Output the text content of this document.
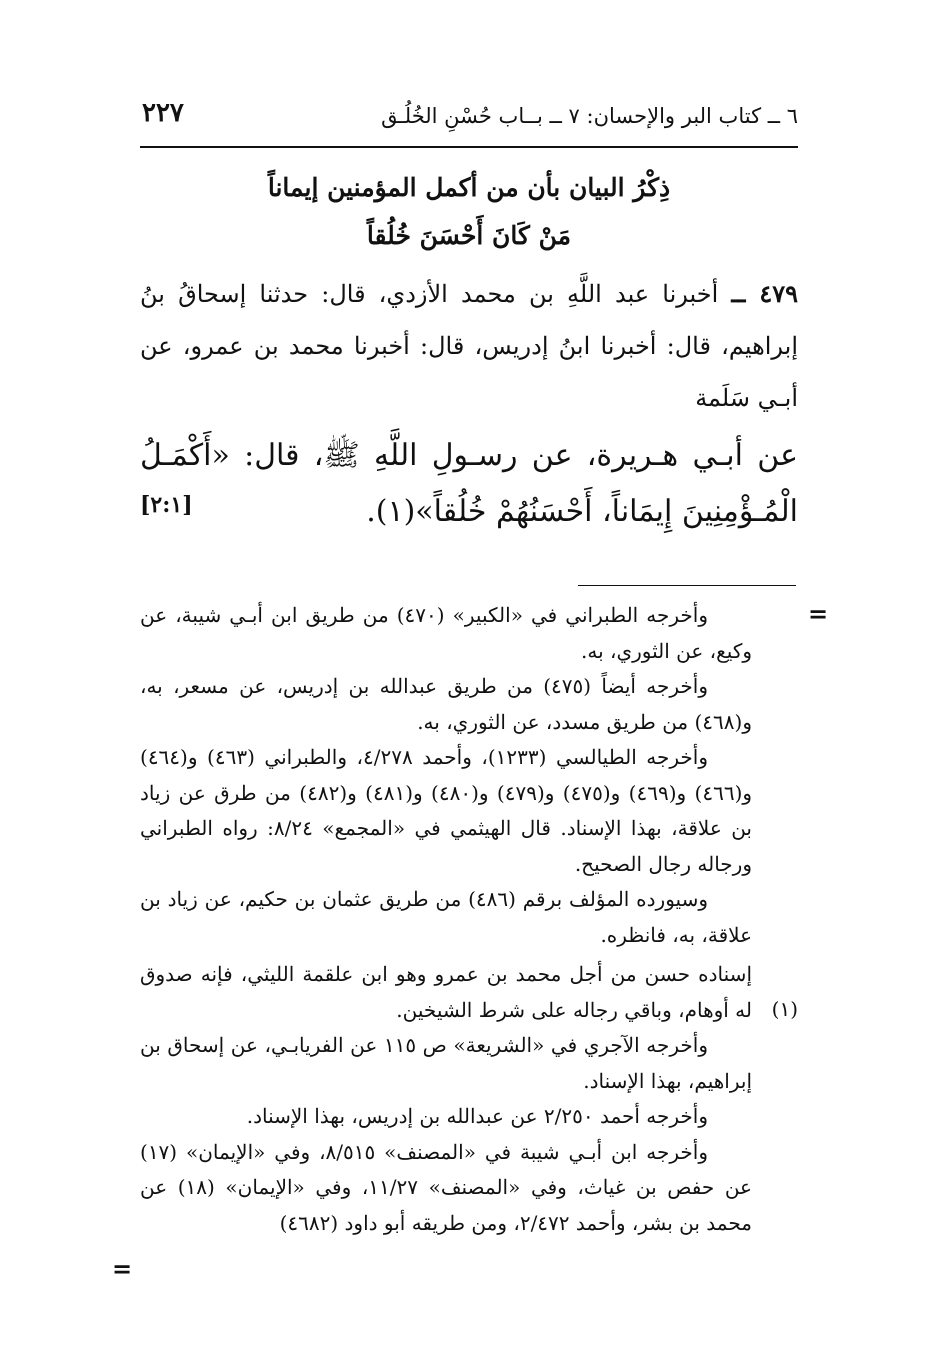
٦ ــ كتاب البر والإحسان: ٧ ــ بــاب حُسْنِ الخُلُـق
٢٢٧
ذِكْرُ البيان بأن من أكمل المؤمنين إيماناً
مَنْ كَانَ أَحْسَنَ خُلُقاً
٤٧٩ ــ أخبرنا عبد اللَّهِ بن محمد الأزدي، قال: حدثنا إسحاقُ بنُ إبراهيم، قال: أخبرنا ابنُ إدريس، قال: أخبرنا محمد بن عمرو، عن أبـي سَلَمة
عن أبـي هـريرة، عن رسـولِ اللَّهِ ﷺ، قال: «أَكْمَـلُ الْمُـؤْمِنِينَ إِيمَاناً، أَحْسَنُهُمْ خُلُقاً»(١).
[٢:١]
=

وأخرجه الطبراني في «الكبير» (٤٧٠) من طريق ابن أبـي شيبة، عن وكيع، عن الثوري، به.

وأخرجه أيضاً (٤٧٥) من طريق عبدالله بن إدريس، عن مسعر، به، و(٤٦٨) من طريق مسدد، عن الثوري، به.

وأخرجه الطيالسي (١٢٣٣)، وأحمد ٤/٢٧٨، والطبراني (٤٦٣) و(٤٦٤) و(٤٦٦) و(٤٦٩) و(٤٧٥) و(٤٧٩) و(٤٨٠) و(٤٨١) و(٤٨٢) من طرق عن زياد بن علاقة، بهذا الإسناد. قال الهيثمي في «المجمع» ٨/٢٤: رواه الطبراني ورجاله رجال الصحيح.

وسيورده المؤلف برقم (٤٨٦) من طريق عثمان بن حكيم، عن زياد بن علاقة، به، فانظره.

إسناده حسن من أجل محمد بن عمرو وهو ابن علقمة الليثي، فإنه صدوق له أوهام، وباقي رجاله على شرط الشيخين.

وأخرجه الآجري في «الشريعة» ص ١١٥ عن الفريابـي، عن إسحاق بن إبراهيم، بهذا الإسناد.

وأخرجه أحمد ٢/٢٥٠ عن عبدالله بن إدريس، بهذا الإسناد.

وأخرجه ابن أبـي شيبة في «المصنف» ٨/٥١٥، وفي «الإيمان» (١٧) عن حفص بن غياث، وفي «المصنف» ١١/٢٧، وفي «الإيمان» (١٨) عن محمد بن بشر، وأحمد ٢/٤٧٢، ومن طريقه أبو داود (٤٦٨٢)

(١)
=
